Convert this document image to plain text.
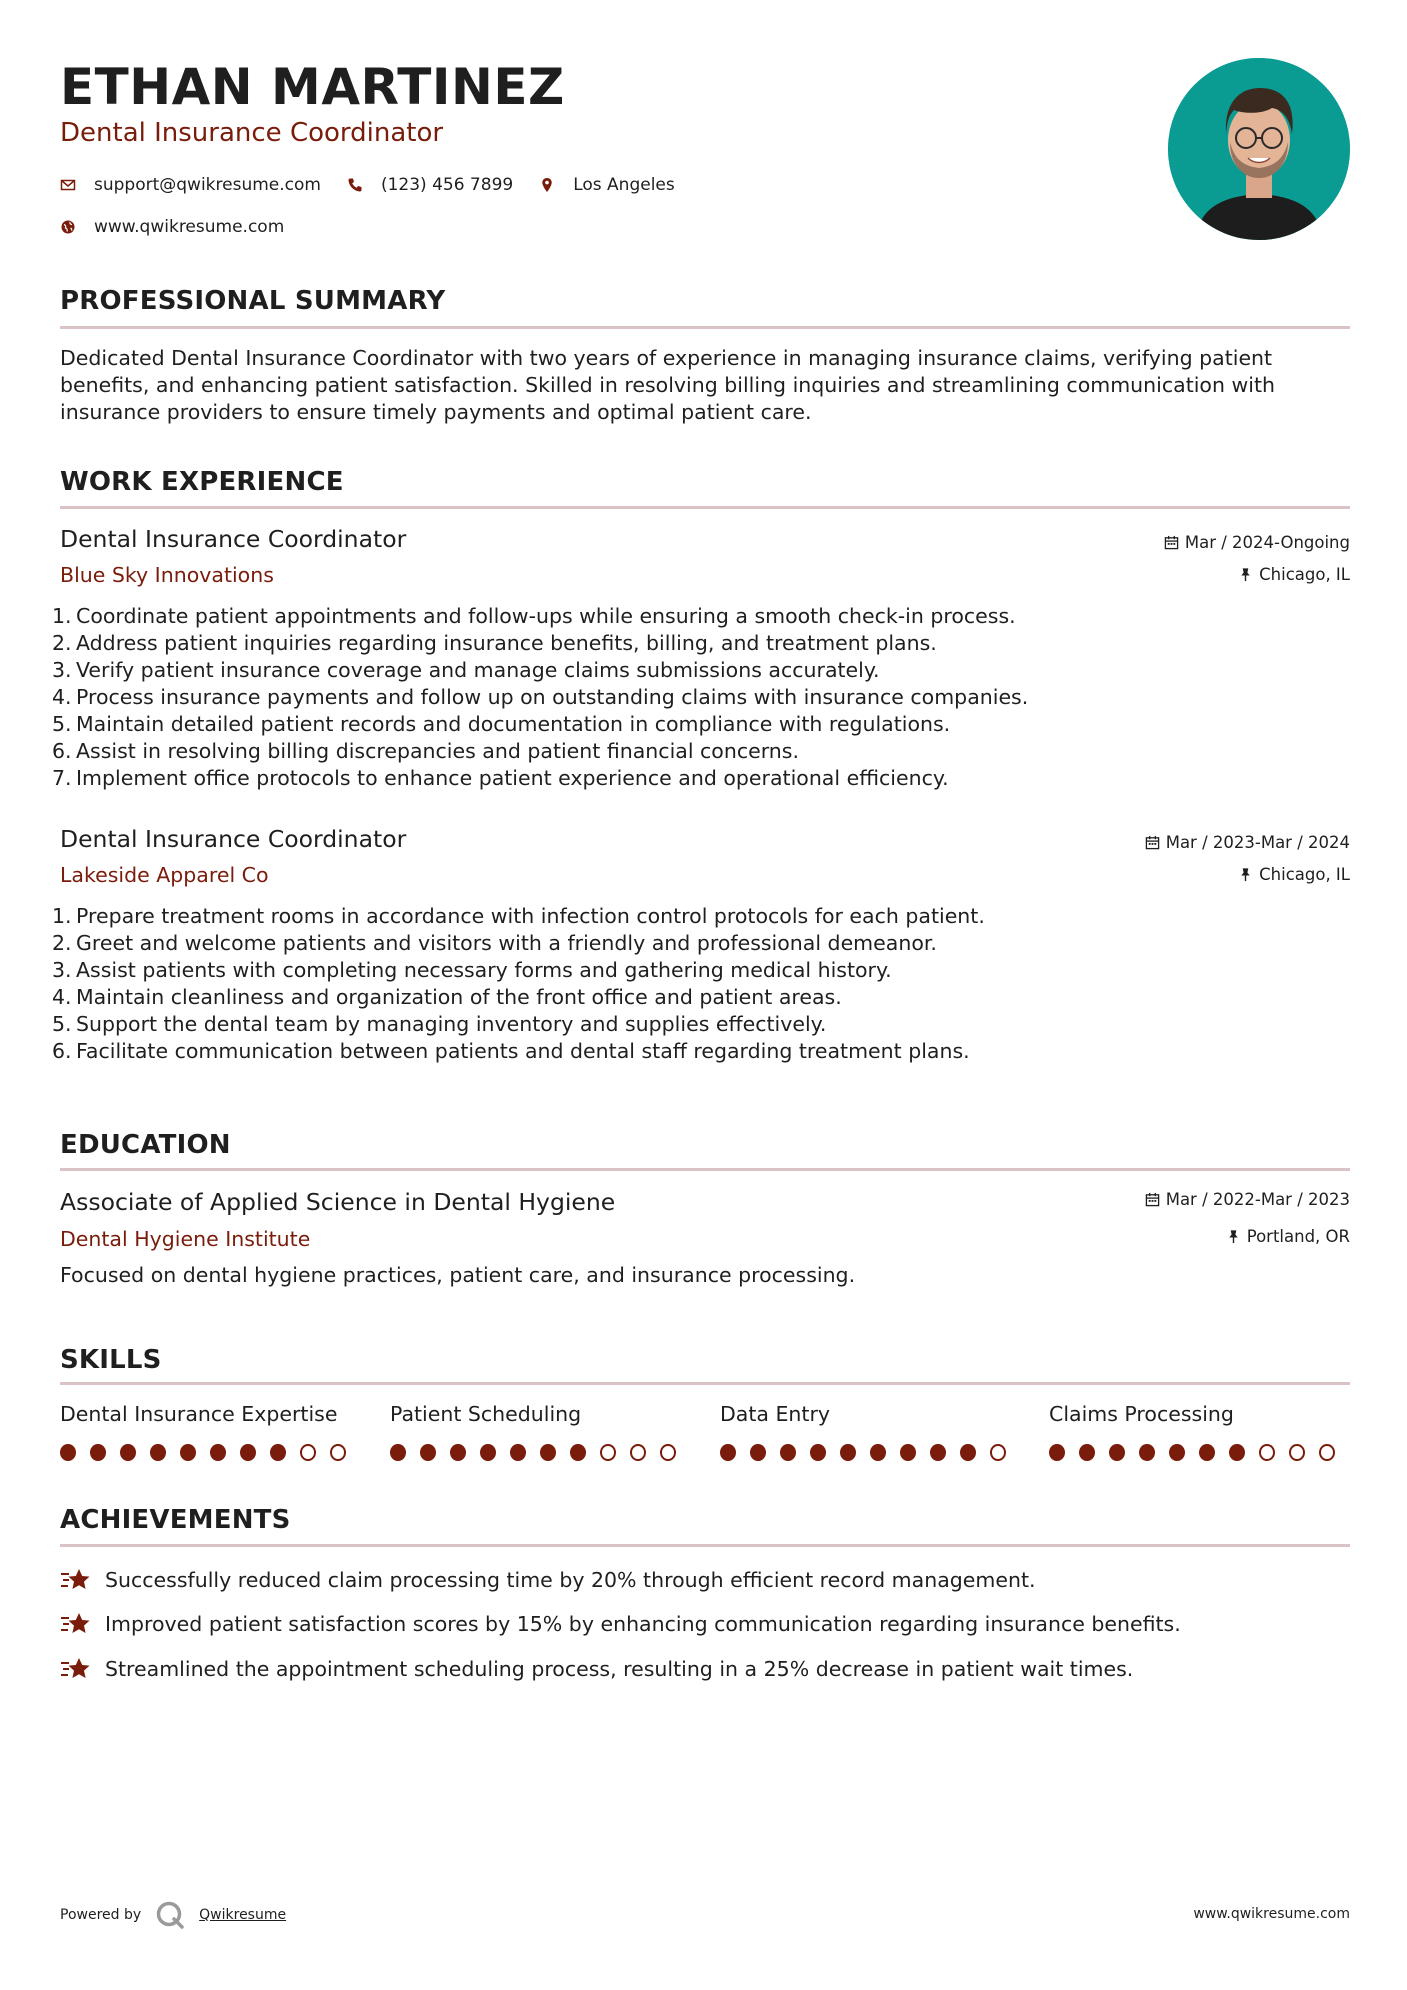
ETHAN MARTINEZ
Dental Insurance Coordinator
support@qwikresume.com	(123) 456 7899	Los Angeles
www.qwikresume.com
PROFESSIONAL SUMMARY
Dedicated Dental Insurance Coordinator with two years of experience in managing insurance claims, verifying patient
benefits, and enhancing patient satisfaction. Skilled in resolving billing inquiries and streamlining communication with
insurance providers to ensure timely payments and optimal patient care.
WORK EXPERIENCE
Dental Insurance Coordinator
Blue Sky Innovations
Mar / 2024-Ongoing
Chicago, IL
1. Coordinate patient appointments and follow-ups while ensuring a smooth check-in process.
2. Address patient inquiries regarding insurance benefits, billing, and treatment plans.
3. Verify patient insurance coverage and manage claims submissions accurately.
4. Process insurance payments and follow up on outstanding claims with insurance companies.
5. Maintain detailed patient records and documentation in compliance with regulations.
6. Assist in resolving billing discrepancies and patient financial concerns.
7. Implement office protocols to enhance patient experience and operational efficiency.
Dental Insurance Coordinator
Lakeside Apparel Co
Mar / 2023-Mar / 2024
Chicago, IL
1. Prepare treatment rooms in accordance with infection control protocols for each patient.
2. Greet and welcome patients and visitors with a friendly and professional demeanor.
3. Assist patients with completing necessary forms and gathering medical history.
4. Maintain cleanliness and organization of the front office and patient areas.
5. Support the dental team by managing inventory and supplies effectively.
6. Facilitate communication between patients and dental staff regarding treatment plans.
EDUCATION
Associate of Applied Science in Dental Hygiene
Dental Hygiene Institute
Mar / 2022-Mar / 2023
Portland, OR
Focused on dental hygiene practices, patient care, and insurance processing.
SKILLS
Dental Insurance Expertise	Patient Scheduling	Data Entry	Claims Processing
ACHIEVEMENTS
Successfully reduced claim processing time by 20% through efficient record management.
Improved patient satisfaction scores by 15% by enhancing communication regarding insurance benefits.
Streamlined the appointment scheduling process, resulting in a 25% decrease in patient wait times.
Powered by	Qwikresume	www.qwikresume.com
